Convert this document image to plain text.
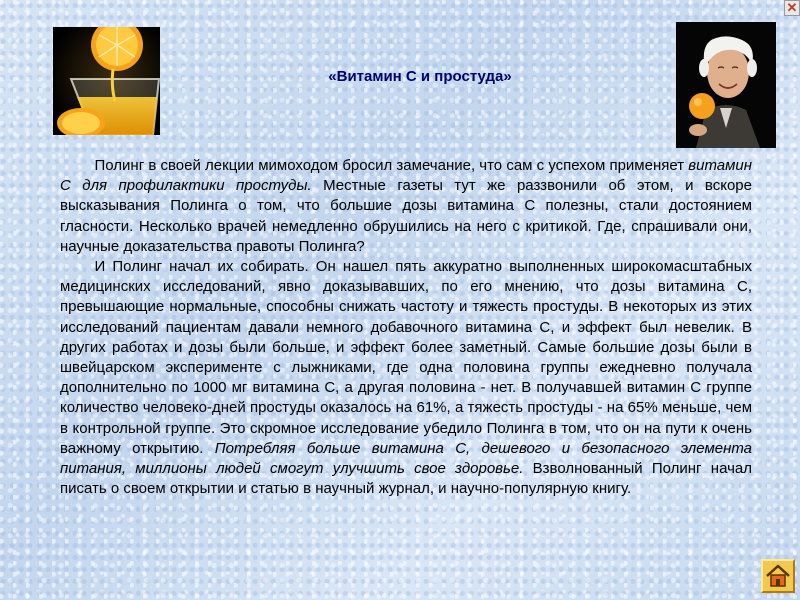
✕
«Витамин С и простуда»

Полинг в своей лекции мимоходом бросил замечание, что сам с успехом применяет витамин С для профилактики простуды. Местные газеты тут же раззвонили об этом, и вскоре высказывания Полинга о том, что большие дозы витамина С полезны, стали достоянием гласности. Несколько врачей немедленно обрушились на него с критикой. Где, спрашивали они, научные доказательства правоты Полинга?

И Полинг начал их собирать. Он нашел пять аккуратно выполненных широкомасштабных медицинских исследований, явно доказывавших, по его мнению, что дозы витамина С, превышающие нормальные, способны снижать частоту и тяжесть простуды. В некоторых из этих исследований пациентам давали немного добавочного витамина С, и эффект был невелик. В других работах и дозы были больше, и эффект более заметный. Самые большие дозы были в швейцарском эксперименте с лыжниками, где одна половина группы ежедневно получала дополнительно по 1000 мг витамина С, а другая половина - нет. В получавшей витамин С группе количество человеко-дней простуды оказалось на 61%, а тяжесть простуды - на 65% меньше, чем в контрольной группе. Это скромное исследование убедило Полинга в том, что он на пути к очень важному открытию. Потребляя больше витамина С, дешевого и безопасного элемента питания, миллионы людей смогут улучшить свое здоровье. Взволнованный Полинг начал писать о своем открытии и статью в научный журнал, и научно-популярную книгу.
